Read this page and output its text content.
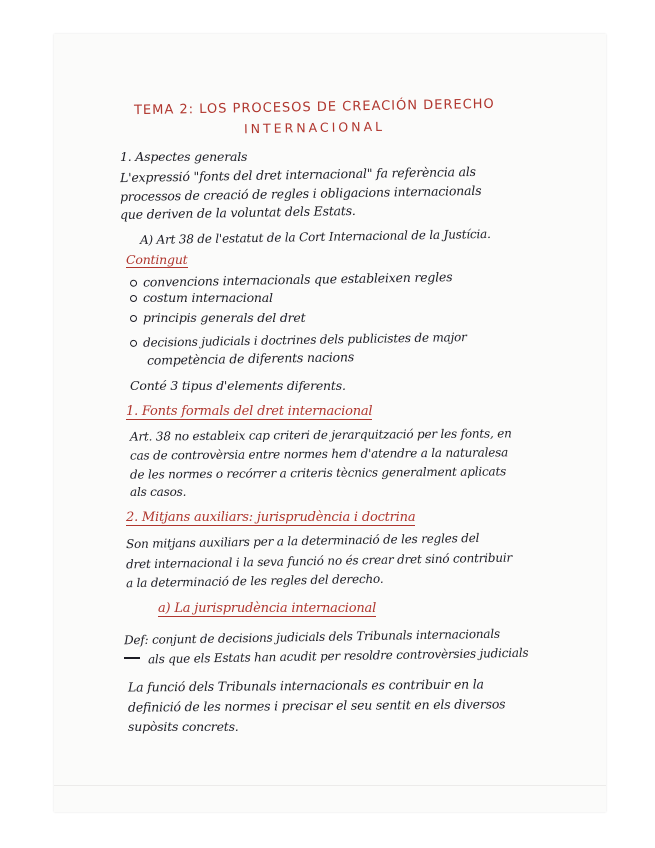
TEMA 2: LOS PROCESOS DE CREACIÓN DERECHO
INTERNACIONAL
1. Aspectes generals
L'expressió "fonts del dret internacional" fa referència als
processos de creació de regles i obligacions internacionals
que deriven de la voluntat dels Estats.
A) Art 38 de l'estatut de la Cort Internacional de la Justícia.
Contingut
convencions internacionals que estableixen regles
costum internacional
principis generals del dret
decisions judicials i doctrines dels publicistes de major
competència de diferents nacions
Conté 3 tipus d'elements diferents.
1. Fonts formals del dret internacional
Art. 38 no estableix cap criteri de jerarquització per les fonts, en
cas de controvèrsia entre normes hem d'atendre a la naturalesa
de les normes o recórrer a criteris tècnics generalment aplicats
als casos.
2. Mitjans auxiliars: jurisprudència i doctrina
Son mitjans auxiliars per a la determinació de les regles del
dret internacional i la seva funció no és crear dret sinó contribuir
a la determinació de les regles del derecho.
a) La jurisprudència internacional
Def: conjunt de decisions judicials dels Tribunals internacionals
als que els Estats han acudit per resoldre controvèrsies judicials
La funció dels Tribunals internacionals es contribuir en la
definició de les normes i precisar el seu sentit en els diversos
supòsits concrets.
